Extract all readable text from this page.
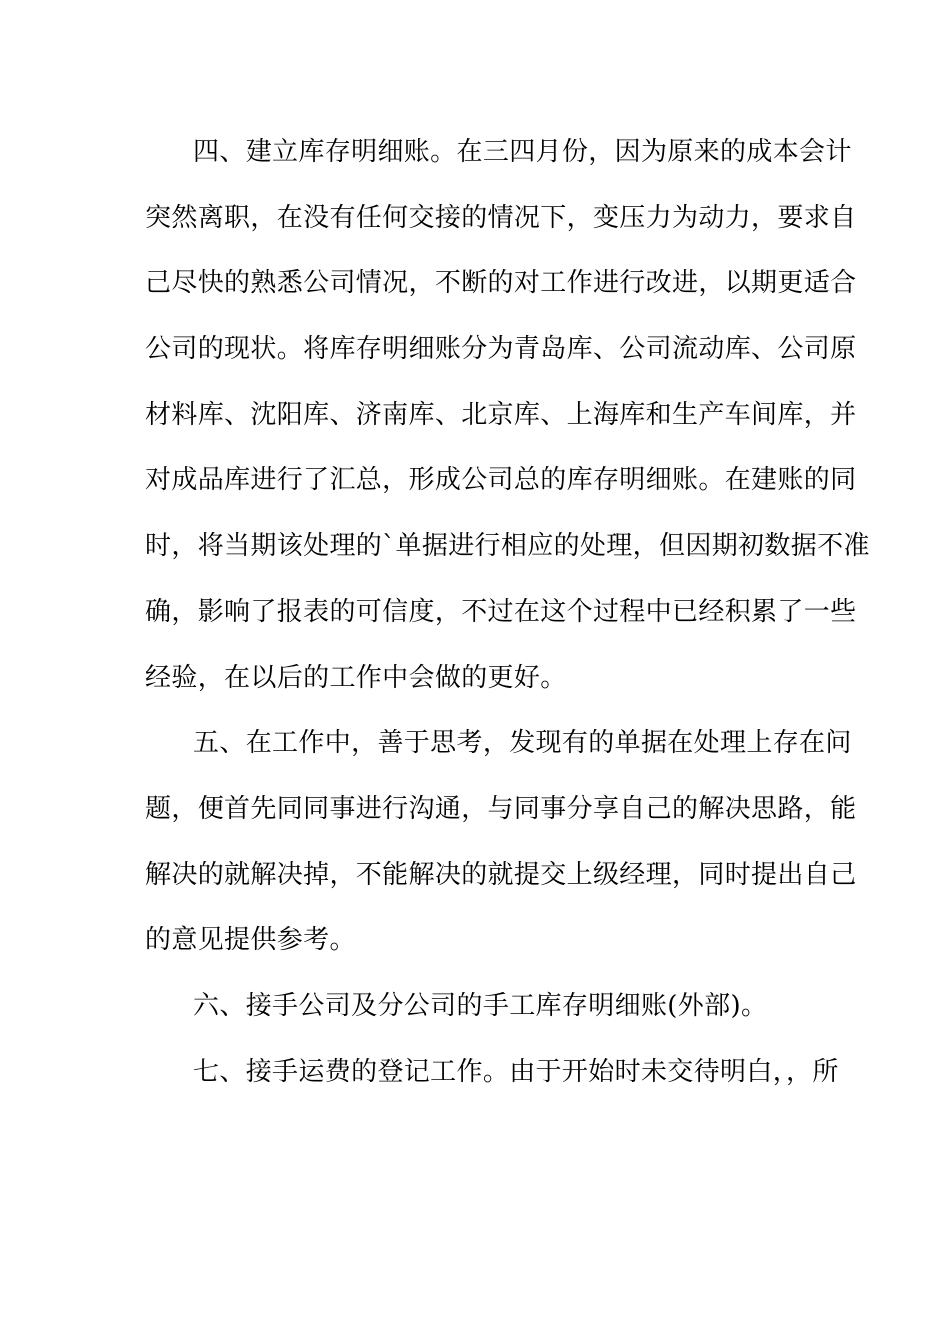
四、建立库存明细账。在三四月份，因为原来的成本会计
突然离职，在没有任何交接的情况下，变压力为动力，要求自
己尽快的熟悉公司情况，不断的对工作进行改进，以期更适合
公司的现状。将库存明细账分为青岛库、公司流动库、公司原
材料库、沈阳库、济南库、北京库、上海库和生产车间库，并
对成品库进行了汇总，形成公司总的库存明细账。在建账的同
时，将当期该处理的`单据进行相应的处理，但因期初数据不准
确，影响了报表的可信度，不过在这个过程中已经积累了一些
经验，在以后的工作中会做的更好。
五、在工作中，善于思考，发现有的单据在处理上存在问
题，便首先同同事进行沟通，与同事分享自己的解决思路，能
解决的就解决掉，不能解决的就提交上级经理，同时提出自己
的意见提供参考。
六、接手公司及分公司的手工库存明细账(外部)。
七、接手运费的登记工作。由于开始时未交待明白，，所
